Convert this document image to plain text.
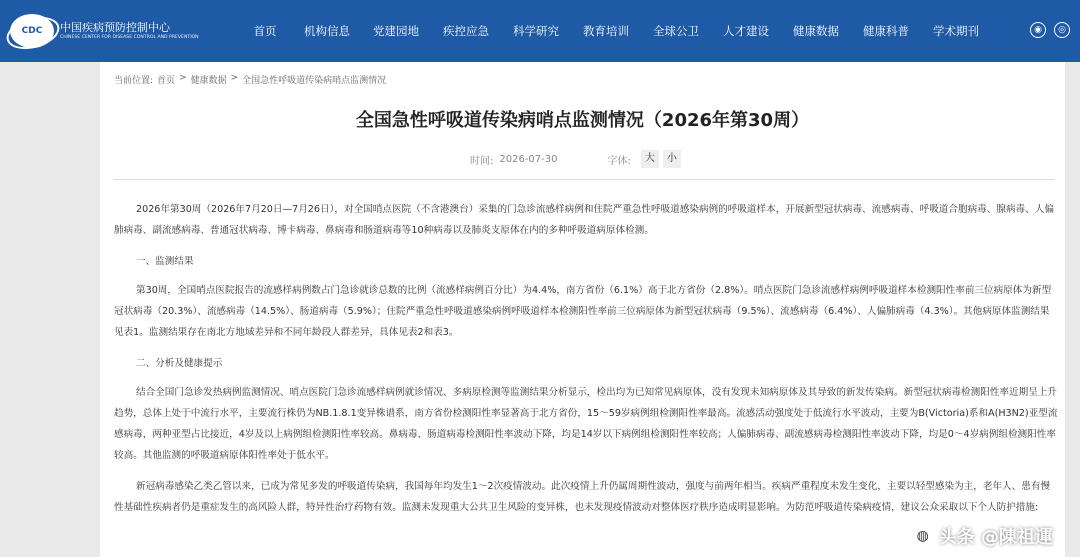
CDC 中国疾病预防控制中心
CHINESE CENTER FOR DISEASE CONTROL AND PREVENTION	首页	机构信息	党建园地	疾控应急	科学研究	教育培训	全球公卫	人才建设	健康数据	健康科普	学术期刊	◉	◎
当前位置: 首页 > 健康数据 > 全国急性呼吸道传染病哨点监测情况
全国急性呼吸道传染病哨点监测情况（2026年第30周）
时间: 2026-07-30	字体:	大	小

2026年第30周（2026年7月20日—7月26日），对全国哨点医院（不含港澳台）采集的门急诊流感样病例和住院严重急性呼吸道感染病例的呼吸道样本，开展新型冠状病毒、流感病毒、呼吸道合胞病毒、腺病毒、人偏肺病毒、副流感病毒、普通冠状病毒、博卡病毒、鼻病毒和肠道病毒等10种病毒以及肺炎支原体在内的多种呼吸道病原体检测。

一、监测结果

第30周，全国哨点医院报告的流感样病例数占门急诊就诊总数的比例（流感样病例百分比）为4.4%，南方省份（6.1%）高于北方省份（2.8%）。哨点医院门急诊流感样病例呼吸道样本检测阳性率前三位病原体为新型冠状病毒（20.3%）、流感病毒（14.5%）、肠道病毒（5.9%）；住院严重急性呼吸道感染病例呼吸道样本检测阳性率前三位病原体为新型冠状病毒（9.5%）、流感病毒（6.4%）、人偏肺病毒（4.3%）。其他病原体监测结果见表1。监测结果存在南北方地域差异和不同年龄段人群差异，具体见表2和表3。

二、分析及健康提示

结合全国门急诊发热病例监测情况、哨点医院门急诊流感样病例就诊情况、多病原检测等监测结果分析显示，检出均为已知常见病原体，没有发现未知病原体及其导致的新发传染病。新型冠状病毒检测阳性率近期呈上升趋势，总体上处于中流行水平，主要流行株仍为NB.1.8.1变异株谱系，南方省份检测阳性率显著高于北方省份，15～59岁病例组检测阳性率最高。流感活动强度处于低流行水平波动，主要为B(Victoria)系和A(H3N2)亚型流感病毒，两种亚型占比接近，4岁及以上病例组检测阳性率较高。鼻病毒、肠道病毒检测阳性率波动下降，均是14岁以下病例组检测阳性率较高；人偏肺病毒、副流感病毒检测阳性率波动下降，均是0～4岁病例组检测阳性率较高。其他监测的呼吸道病原体阳性率处于低水平。

新冠病毒感染乙类乙管以来，已成为常见多发的呼吸道传染病，我国每年均发生1～2次疫情波动。此次疫情上升仍属周期性波动，强度与前两年相当。疾病严重程度未发生变化，主要以轻型感染为主，老年人、患有慢性基础性疾病者仍是重症发生的高风险人群，特异性治疗药物有效。监测未发现重大公共卫生风险的变异株，也未发现疫情波动对整体医疗秩序造成明显影响。为防范呼吸道传染病疫情，建议公众采取以下个人防护措施:

◍ 头条 @陳祖運
